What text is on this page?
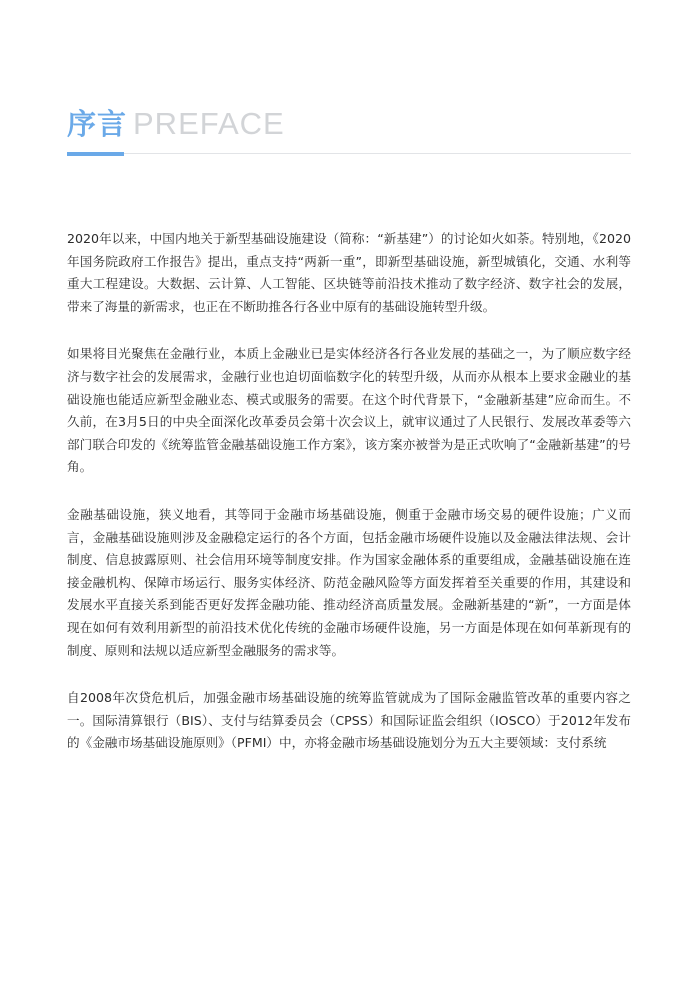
序言 PREFACE

2020年以来，中国内地关于新型基础设施建设（简称：“新基建”）的讨论如火如荼。特别地，《2020年国务院政府工作报告》提出，重点支持“两新一重”，即新型基础设施，新型城镇化，交通、水利等重大工程建设。大数据、云计算、人工智能、区块链等前沿技术推动了数字经济、数字社会的发展，带来了海量的新需求，也正在不断助推各行各业中原有的基础设施转型升级。

如果将目光聚焦在金融行业，本质上金融业已是实体经济各行各业发展的基础之一，为了顺应数字经济与数字社会的发展需求，金融行业也迫切面临数字化的转型升级，从而亦从根本上要求金融业的基础设施也能适应新型金融业态、模式或服务的需要。在这个时代背景下，“金融新基建”应命而生。不久前，在3月5日的中央全面深化改革委员会第十次会议上，就审议通过了人民银行、发展改革委等六部门联合印发的《统筹监管金融基础设施工作方案》，该方案亦被誉为是正式吹响了“金融新基建”的号角。

金融基础设施，狭义地看，其等同于金融市场基础设施，侧重于金融市场交易的硬件设施；广义而言，金融基础设施则涉及金融稳定运行的各个方面，包括金融市场硬件设施以及金融法律法规、会计制度、信息披露原则、社会信用环境等制度安排。作为国家金融体系的重要组成，金融基础设施在连接金融机构、保障市场运行、服务实体经济、防范金融风险等方面发挥着至关重要的作用，其建设和发展水平直接关系到能否更好发挥金融功能、推动经济高质量发展。金融新基建的“新”，一方面是体现在如何有效利用新型的前沿技术优化传统的金融市场硬件设施，另一方面是体现在如何革新现有的制度、原则和法规以适应新型金融服务的需求等。

自2008年次贷危机后，加强金融市场基础设施的统筹监管就成为了国际金融监管改革的重要内容之一。国际清算银行（BIS）、支付与结算委员会（CPSS）和国际证监会组织（IOSCO）于2012年发布的《金融市场基础设施原则》（PFMI）中，亦将金融市场基础设施划分为五大主要领域：支付系统
